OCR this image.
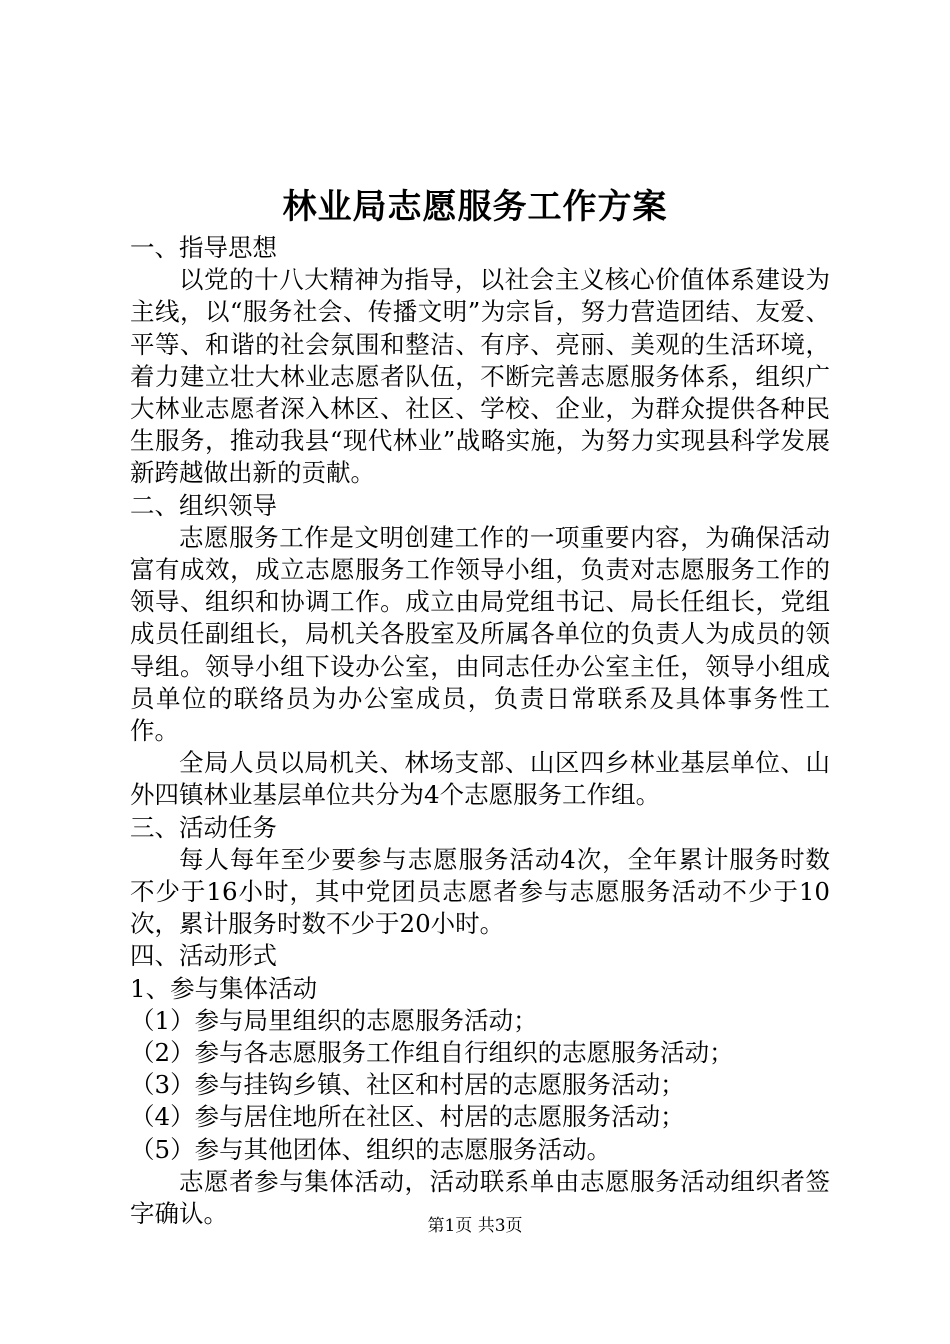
林业局志愿服务工作方案

一、指导思想

以党的十八大精神为指导，以社会主义核心价值体系建设为主线，以“服务社会、传播文明”为宗旨，努力营造团结、友爱、平等、和谐的社会氛围和整洁、有序、亮丽、美观的生活环境，着力建立壮大林业志愿者队伍，不断完善志愿服务体系，组织广大林业志愿者深入林区、社区、学校、企业，为群众提供各种民生服务，推动我县“现代林业”战略实施，为努力实现县科学发展新跨越做出新的贡献。

二、组织领导

志愿服务工作是文明创建工作的一项重要内容，为确保活动富有成效，成立志愿服务工作领导小组，负责对志愿服务工作的领导、组织和协调工作。成立由局党组书记、局长任组长，党组成员任副组长，局机关各股室及所属各单位的负责人为成员的领导组。领导小组下设办公室，由同志任办公室主任，领导小组成员单位的联络员为办公室成员，负责日常联系及具体事务性工作。

全局人员以局机关、林场支部、山区四乡林业基层单位、山外四镇林业基层单位共分为4个志愿服务工作组。

三、活动任务

每人每年至少要参与志愿服务活动4次，全年累计服务时数不少于16小时，其中党团员志愿者参与志愿服务活动不少于10次，累计服务时数不少于20小时。

四、活动形式

1、参与集体活动

（1）参与局里组织的志愿服务活动；

（2）参与各志愿服务工作组自行组织的志愿服务活动；

（3）参与挂钩乡镇、社区和村居的志愿服务活动；

（4）参与居住地所在社区、村居的志愿服务活动；

（5）参与其他团体、组织的志愿服务活动。

志愿者参与集体活动，活动联系单由志愿服务活动组织者签字确认。	第1页 共3页
